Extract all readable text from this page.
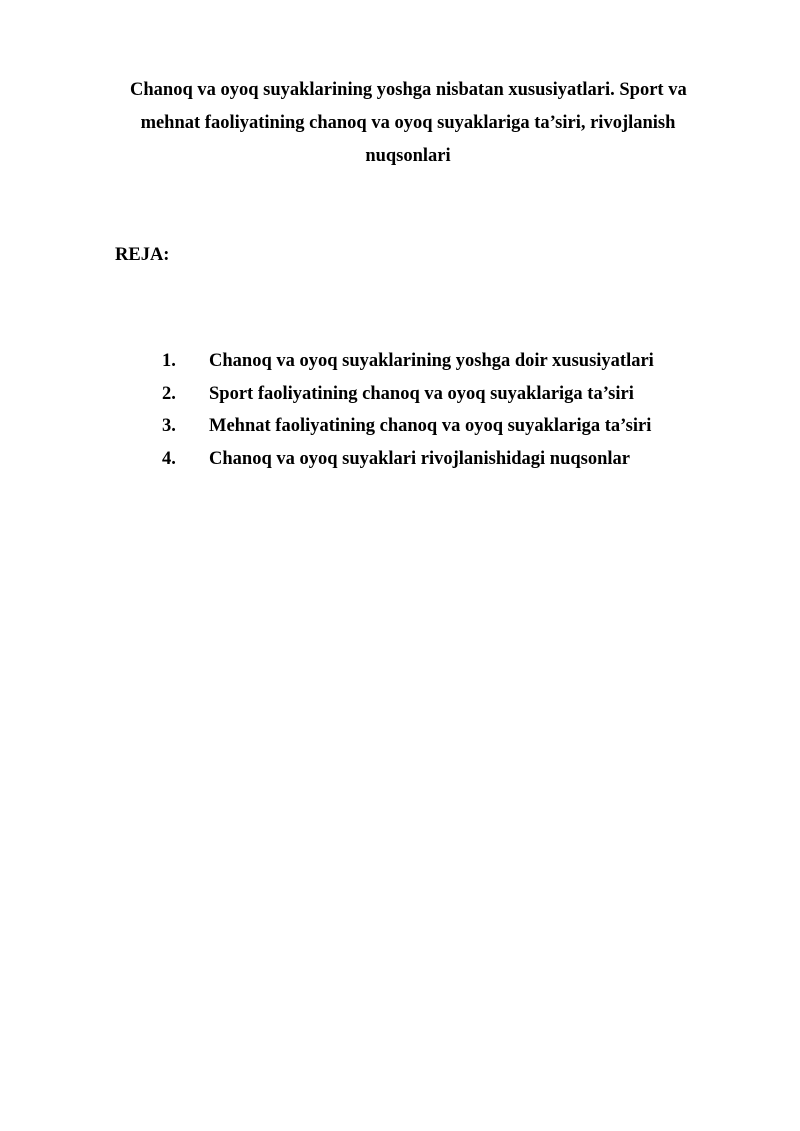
Chanoq va oyoq suyaklarining yoshga nisbatan xususiyatlari. Sport va
mehnat faoliyatining chanoq va oyoq suyaklariga ta’siri, rivojlanish
nuqsonlari
REJA:
1.	Chanoq va oyoq suyaklarining yoshga doir xususiyatlari
2.	Sport faoliyatining chanoq va oyoq suyaklariga ta’siri
3.	Mehnat faoliyatining chanoq va oyoq suyaklariga ta’siri
4.	Chanoq va oyoq suyaklari rivojlanishidagi nuqsonlar
